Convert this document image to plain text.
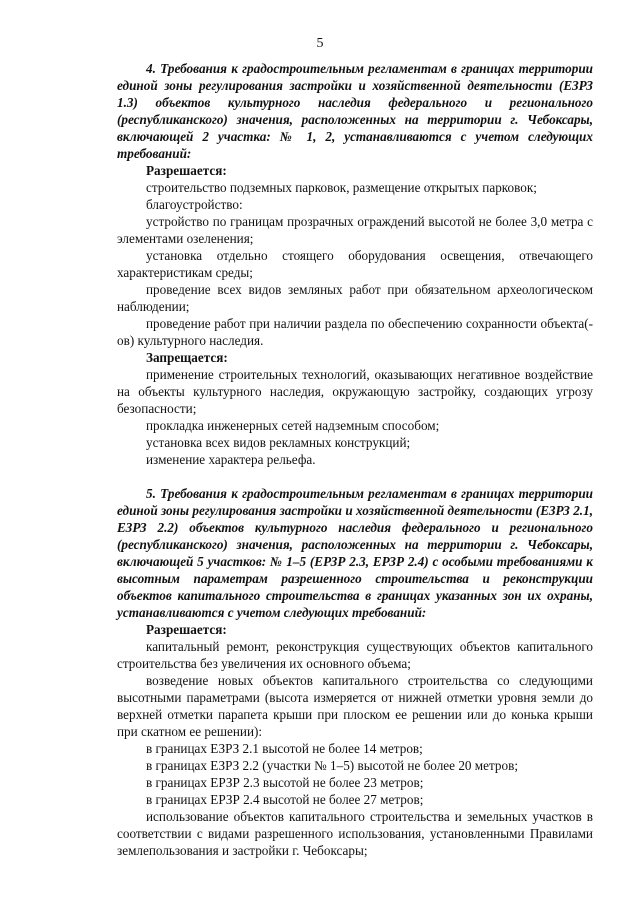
5

4. Требования к градостроительным регламентам в границах территории единой зоны регулирования застройки и хозяйственной деятельности (ЕЗРЗ 1.3) объектов культурного наследия федерального и регионального (республиканского) значения, расположенных на территории г. Чебоксары, включающей 2 участка: № 1, 2, устанавливаются с учетом следующих требований:

Разрешается:

строительство подземных парковок, размещение открытых парковок;

благоустройство:

устройство по границам прозрачных ограждений высотой не более 3,0 метра с элементами озеленения;

установка отдельно стоящего оборудования освещения, отвечающего характеристикам среды;

проведение всех видов земляных работ при обязательном археологическом наблюдении;

проведение работ при наличии раздела по обеспечению сохранности объекта(-ов) культурного наследия.

Запрещается:

применение строительных технологий, оказывающих негативное воздействие на объекты культурного наследия, окружающую застройку, создающих угрозу безопасности;

прокладка инженерных сетей надземным способом;

установка всех видов рекламных конструкций;

изменение характера рельефа.

5. Требования к градостроительным регламентам в границах территории единой зоны регулирования застройки и хозяйственной деятельности (ЕЗРЗ 2.1, ЕЗРЗ 2.2) объектов культурного наследия федерального и регионального (республиканского) значения, расположенных на территории г. Чебоксары, включающей 5 участков: № 1–5 (ЕРЗР 2.3, ЕРЗР 2.4) с особыми требованиями к высотным параметрам разрешенного строительства и реконструкции объектов капитального строительства в границах указанных зон их охраны, устанавливаются с учетом следующих требований:

Разрешается:

капитальный ремонт, реконструкция существующих объектов капитального строительства без увеличения их основного объема;

возведение новых объектов капитального строительства со следующими высотными параметрами (высота измеряется от нижней отметки уровня земли до верхней отметки парапета крыши при плоском ее решении или до конька крыши при скатном ее решении):

в границах ЕЗРЗ 2.1 высотой не более 14 метров;

в границах ЕЗРЗ 2.2 (участки № 1–5) высотой не более 20 метров;

в границах ЕРЗР 2.3 высотой не более 23 метров;

в границах ЕРЗР 2.4 высотой не более 27 метров;

использование объектов капитального строительства и земельных участков в соответствии с видами разрешенного использования, установленными Правилами землепользования и застройки г. Чебоксары;
